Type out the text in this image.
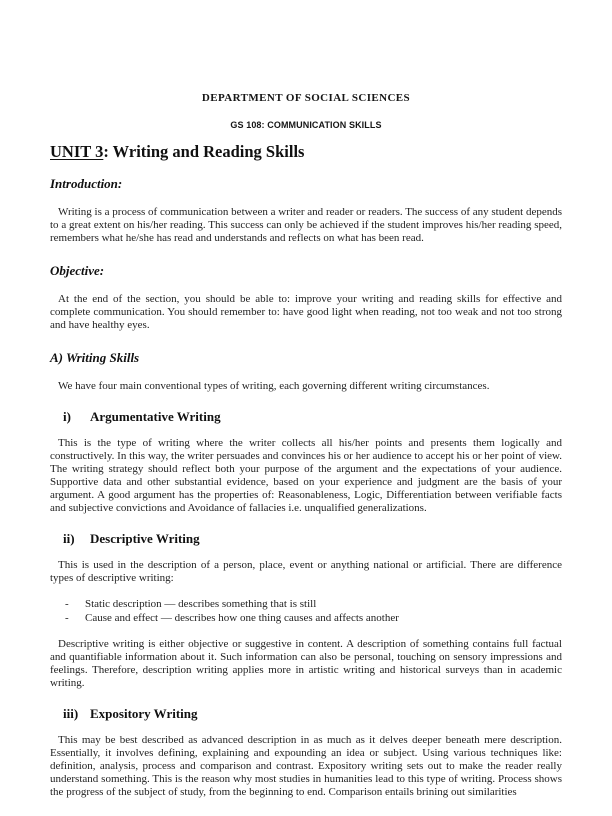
DEPARTMENT OF SOCIAL SCIENCES
GS 108: COMMUNICATION SKILLS
UNIT 3: Writing and Reading Skills
Introduction:

Writing is a process of communication between a writer and reader or readers. The success of any student depends to a great extent on his/her reading. This success can only be achieved if the student improves his/her reading speed, remembers what he/she has read and understands and reflects on what has been read.

Objective:

At the end of the section, you should be able to: improve your writing and reading skills for effective and complete communication. You should remember to: have good light when reading, not too weak and not too strong and have healthy eyes.

A) Writing Skills

We have four main conventional types of writing, each governing different writing circumstances.

i)	Argumentative Writing

This is the type of writing where the writer collects all his/her points and presents them logically and constructively. In this way, the writer persuades and convinces his or her audience to accept his or her point of view. The writing strategy should reflect both your purpose of the argument and the expectations of your audience. Supportive data and other substantial evidence, based on your experience and judgment are the basis of your argument. A good argument has the properties of: Reasonableness, Logic, Differentiation between verifiable facts and subjective convictions and Avoidance of fallacies i.e. unqualified generalizations.

ii)	Descriptive Writing

This is used in the description of a person, place, event or anything national or artificial. There are difference types of descriptive writing:

-	Static description — describes something that is still
-	Cause and effect — describes how one thing causes and affects another

Descriptive writing is either objective or suggestive in content. A description of something contains full factual and quantifiable information about it. Such information can also be personal, touching on sensory impressions and feelings. Therefore, description writing applies more in artistic writing and historical surveys than in academic writing.

iii) Expository Writing

This may be best described as advanced description in as much as it delves deeper beneath mere description. Essentially, it involves defining, explaining and expounding an idea or subject. Using various techniques like: definition, analysis, process and comparison and contrast. Expository writing sets out to make the reader really understand something. This is the reason why most studies in humanities lead to this type of writing. Process shows the progress of the subject of study, from the beginning to end. Comparison entails brining out similarities
